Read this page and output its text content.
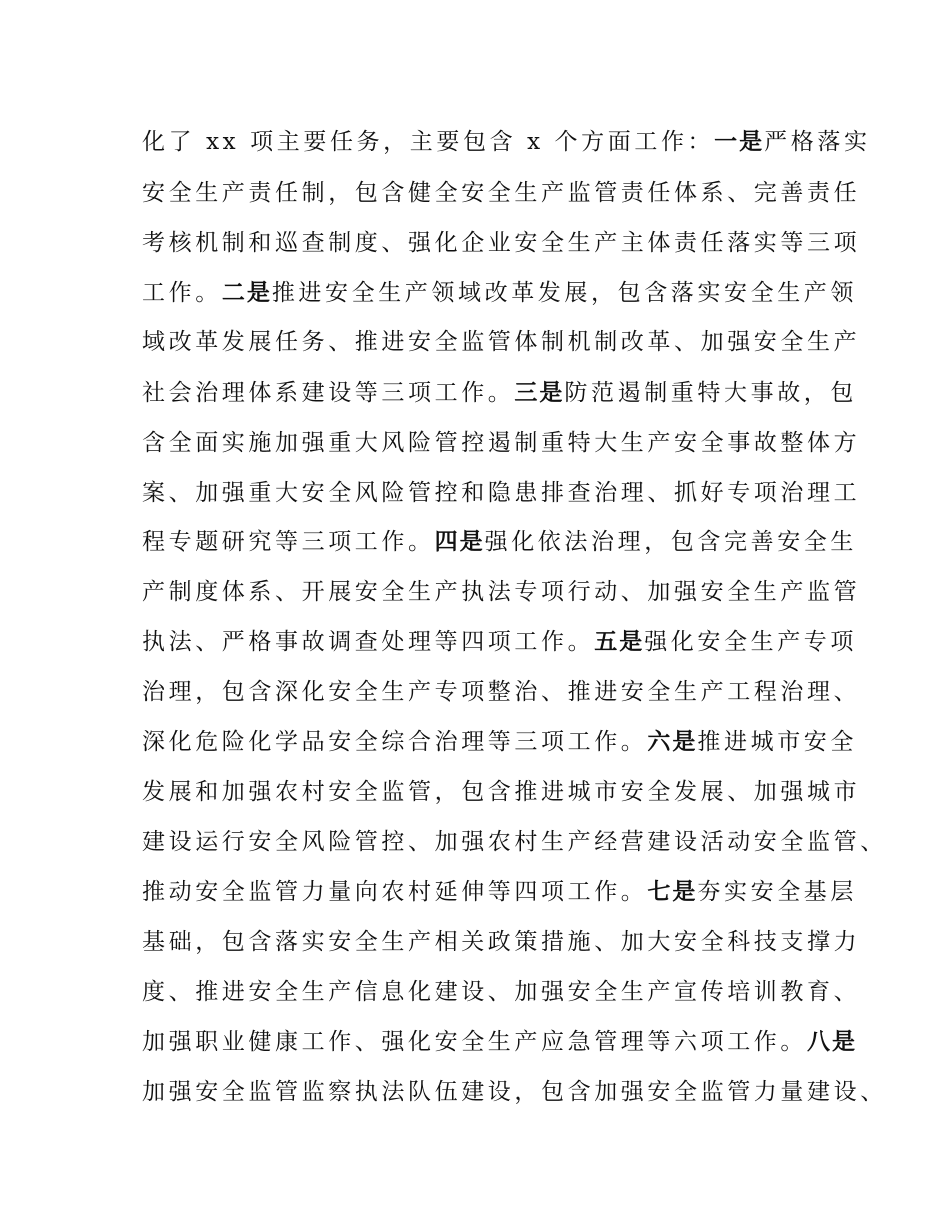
化了 xx 项主要任务，主要包含 x 个方面工作：一是严格落实
安全生产责任制，包含健全安全生产监管责任体系、完善责任
考核机制和巡查制度、强化企业安全生产主体责任落实等三项
工作。二是推进安全生产领域改革发展，包含落实安全生产领
域改革发展任务、推进安全监管体制机制改革、加强安全生产
社会治理体系建设等三项工作。三是防范遏制重特大事故，包
含全面实施加强重大风险管控遏制重特大生产安全事故整体方
案、加强重大安全风险管控和隐患排查治理、抓好专项治理工
程专题研究等三项工作。四是强化依法治理，包含完善安全生
产制度体系、开展安全生产执法专项行动、加强安全生产监管
执法、严格事故调查处理等四项工作。五是强化安全生产专项
治理，包含深化安全生产专项整治、推进安全生产工程治理、
深化危险化学品安全综合治理等三项工作。六是推进城市安全
发展和加强农村安全监管，包含推进城市安全发展、加强城市
建设运行安全风险管控、加强农村生产经营建设活动安全监管、
推动安全监管力量向农村延伸等四项工作。七是夯实安全基层
基础，包含落实安全生产相关政策措施、加大安全科技支撑力
度、推进安全生产信息化建设、加强安全生产宣传培训教育、
加强职业健康工作、强化安全生产应急管理等六项工作。八是
加强安全监管监察执法队伍建设，包含加强安全监管力量建设、
